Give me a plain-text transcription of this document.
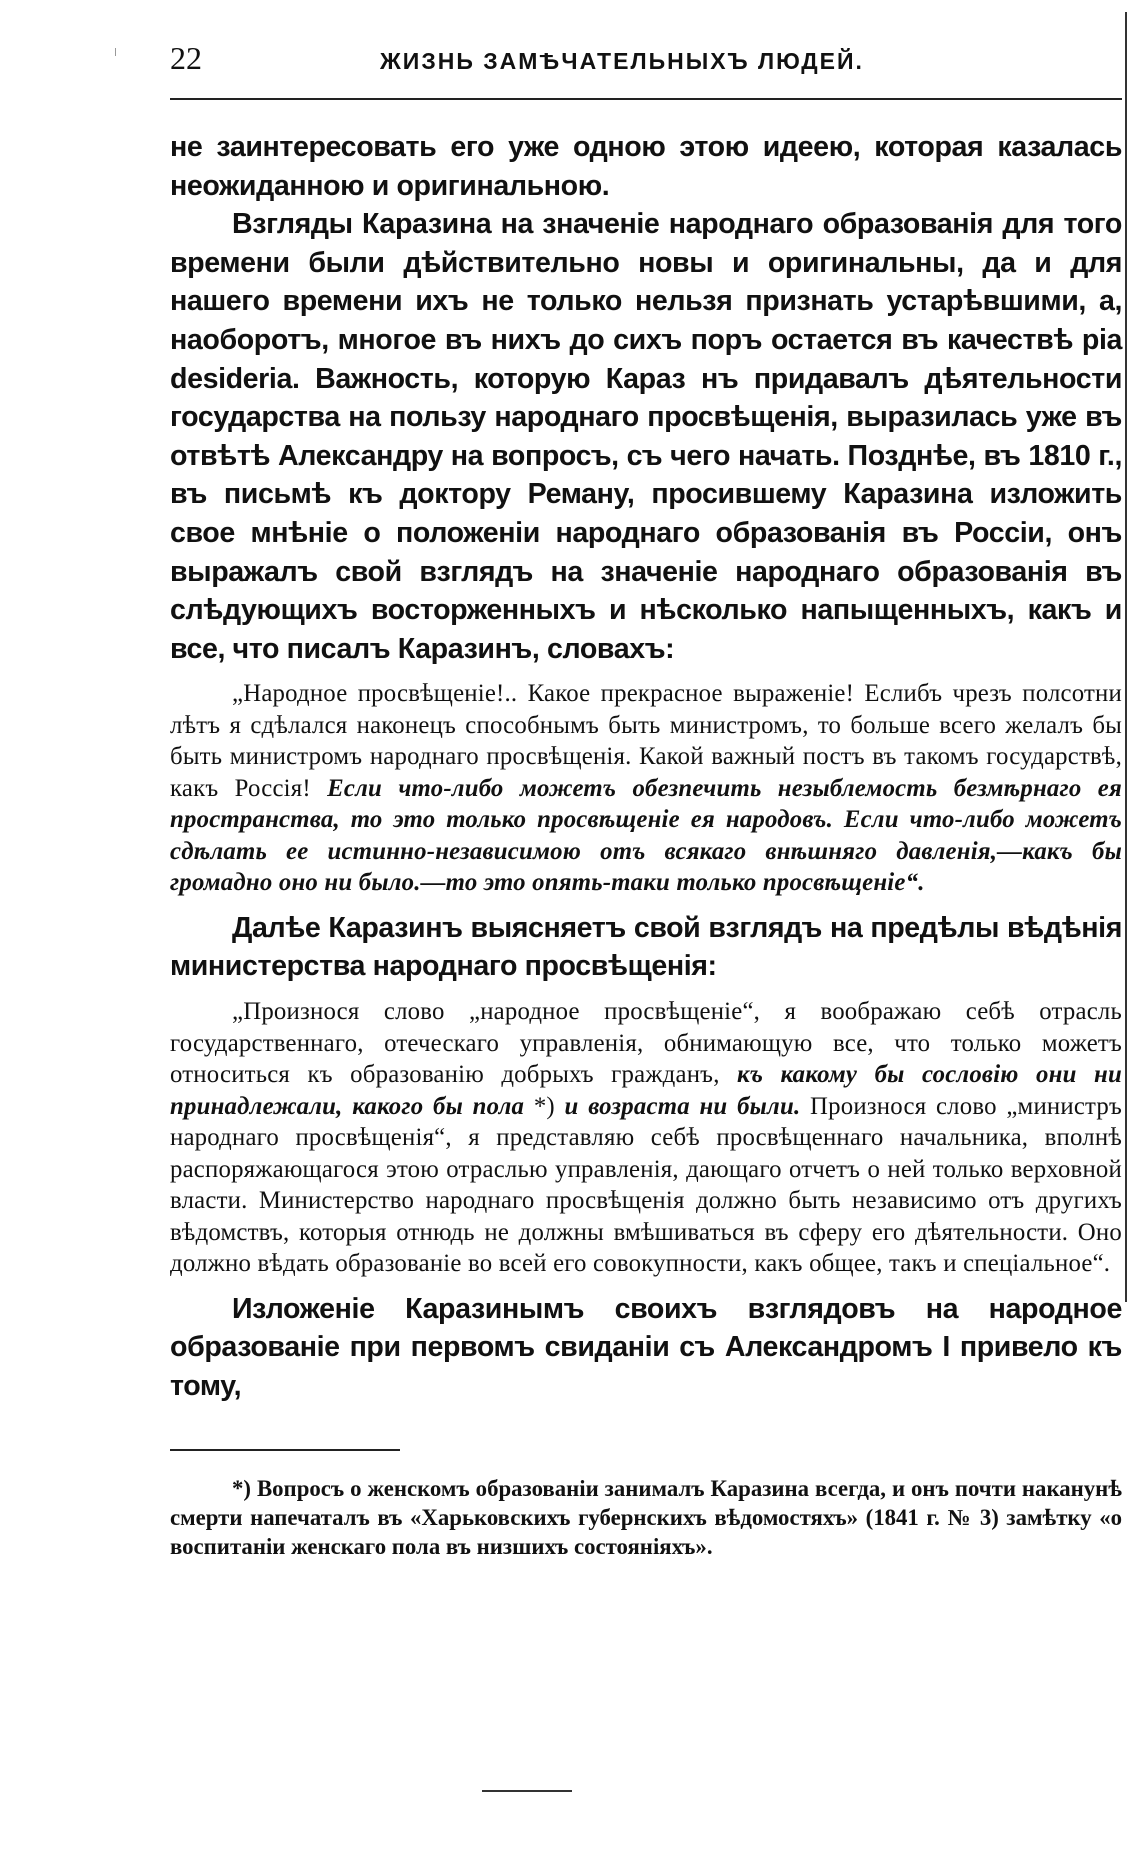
22	ЖИЗНЬ ЗАМѢЧАТЕЛЬНЫХЪ ЛЮДЕЙ.

не заинтересовать его уже одною этою идеею, которая казалась неожиданною и оригинальною.

Взгляды Каразина на значеніе народнаго образованія для того времени были дѣйствительно новы и оригинальны, да и для нашего времени ихъ не только нельзя признать устарѣвшими, а, наоборотъ, многое въ нихъ до сихъ поръ остается въ качествѣ pia desideria. Важность, которую Караз нъ придавалъ дѣятельности государства на пользу народнаго просвѣщенія, выразилась уже въ отвѣтѣ Александру на вопросъ, съ чего начать. Позднѣе, въ 1810 г., въ письмѣ къ доктору Реману, просившему Каразина изложить свое мнѣніе о положеніи народнаго образованія въ Россіи, онъ выражалъ свой взглядъ на значеніе народнаго образованія въ слѣдующихъ восторженныхъ и нѣсколько напыщенныхъ, какъ и все, что писалъ Каразинъ, словахъ:

„Народное просвѣщеніе!.. Какое прекрасное выраженіе! Еслибъ чрезъ полсотни лѣтъ я сдѣлался наконецъ способнымъ быть министромъ, то больше всего желалъ бы быть министромъ народнаго просвѣщенія. Какой важный постъ въ такомъ государствѣ, какъ Россія! Если что-либо можетъ обезпечить незыблемость безмѣрнаго ея пространства, то это только просвѣщеніе ея народовъ. Если что-либо можетъ сдѣлать ее истинно-независимою отъ всякаго внѣшняго давленія,—какъ бы громадно оно ни было.—то это опять-таки только просвѣщеніе“.

Далѣе Каразинъ выясняетъ свой взглядъ на предѣлы вѣдѣнія министерства народнаго просвѣщенія:

„Произнося слово „народное просвѣщеніе“, я воображаю себѣ отрасль государственнаго, отеческаго управленія, обнимающую все, что только можетъ относиться къ образованію добрыхъ гражданъ, къ какому бы сословію они ни принадлежали, какого бы пола *) и возраста ни были. Произнося слово „министръ народнаго просвѣщенія“, я представляю себѣ просвѣщеннаго начальника, вполнѣ распоряжающагося этою отраслью управленія, дающаго отчетъ о ней только верховной власти. Министерство народнаго просвѣщенія должно быть независимо отъ другихъ вѣдомствъ, которыя отнюдь не должны вмѣшиваться въ сферу его дѣятельности. Оно должно вѣдать образованіе во всей его совокупности, какъ общее, такъ и спеціальное“.

Изложеніе Каразинымъ своихъ взглядовъ на народное образованіе при первомъ свиданіи съ Александромъ I привело къ тому,

*) Вопросъ о женскомъ образованіи занималъ Каразина всегда, и онъ почти наканунѣ смерти напечаталъ въ «Харьковскихъ губернскихъ вѣдомостяхъ» (1841 г. № 3) замѣтку «о воспитаніи женскаго пола въ низшихъ состояніяхъ».
